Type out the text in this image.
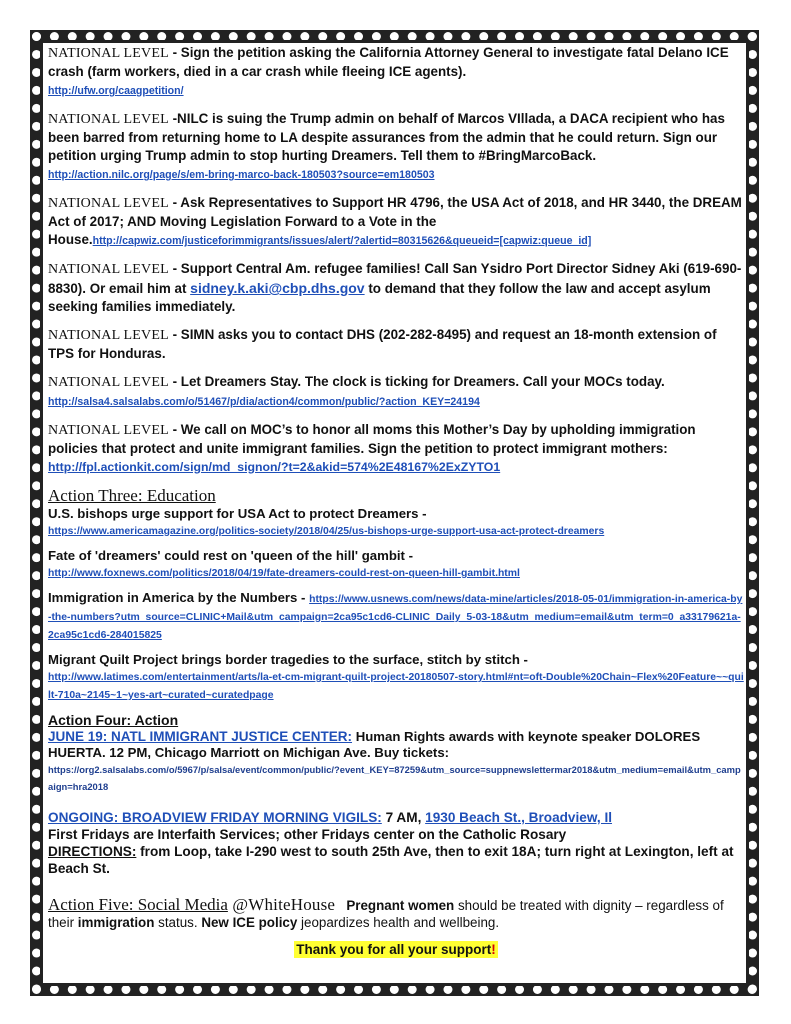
NATIONAL LEVEL - Sign the petition asking the California Attorney General to investigate fatal Delano ICE crash (farm workers, died in a car crash while fleeing ICE agents).
http://ufw.org/caagpetition/

NATIONAL LEVEL -NILC is suing the Trump admin on behalf of Marcos VIllada, a DACA recipient who has been barred from returning home to LA despite assurances from the admin that he could return. Sign our petition urging Trump admin to stop hurting Dreamers. Tell them to #BringMarcoBack.  http://action.nilc.org/page/s/em-bring-marco-back-180503?source=em180503

NATIONAL LEVEL - Ask Representatives to Support HR 4796, the USA Act of 2018, and HR 3440, the DREAM Act of 2017; AND Moving Legislation Forward to a Vote in the House.http://capwiz.com/justiceforimmigrants/issues/alert/?alertid=80315626&queueid=[capwiz:queue_id]

NATIONAL LEVEL - Support Central Am. refugee families! Call San Ysidro Port Director Sidney Aki (619-690-8830). Or email him at sidney.k.aki@cbp.dhs.gov to demand that they follow the law and accept asylum seeking families immediately.

NATIONAL LEVEL - SIMN asks you to contact DHS (202-282-8495) and request an 18-month extension of TPS for Honduras.

NATIONAL LEVEL - Let Dreamers Stay. The clock is ticking for Dreamers. Call your MOCs today. http://salsa4.salsalabs.com/o/51467/p/dia/action4/common/public/?action_KEY=24194

NATIONAL LEVEL - We call on MOC’s to honor all moms this Mother’s Day by upholding immigration policies that protect and unite immigrant families. Sign the petition to protect immigrant mothers: http://fpl.actionkit.com/sign/md_signon/?t=2&akid=574%2E48167%2ExZYTO1

Action Three: Education

U.S. bishops urge support for USA Act to protect Dreamers -
https://www.americamagazine.org/politics-society/2018/04/25/us-bishops-urge-support-usa-act-protect-dreamers

Fate of 'dreamers' could rest on 'queen of the hill' gambit -
http://www.foxnews.com/politics/2018/04/19/fate-dreamers-could-rest-on-queen-hill-gambit.html

Immigration in America by the Numbers - https://www.usnews.com/news/data-mine/articles/2018-05-01/immigration-in-america-by-the-numbers?utm_source=CLINIC+Mail&utm_campaign=2ca95c1cd6-CLINIC_Daily_5-03-18&utm_medium=email&utm_term=0_a33179621a-2ca95c1cd6-284015825

Migrant Quilt Project brings border tragedies to the surface, stitch by stitch -
http://www.latimes.com/entertainment/arts/la-et-cm-migrant-quilt-project-20180507-story.html#nt=oft-Double%20Chain~Flex%20Feature~~quilt-710a~2145~1~yes-art~curated~curatedpage

Action Four: Action

JUNE 19: NATL IMMIGRANT JUSTICE CENTER: Human Rights awards with keynote speaker DOLORES HUERTA. 12 PM, Chicago Marriott on Michigan Ave. Buy tickets:
https://org2.salsalabs.com/o/5967/p/salsa/event/common/public/?event_KEY=87259&utm_source=suppnewslettermar2018&utm_medium=email&utm_campaign=hra2018

ONGOING: BROADVIEW FRIDAY MORNING VIGILS: 7 AM, 1930 Beach St., Broadview, Il
First Fridays are Interfaith Services; other Fridays center on the Catholic Rosary
DIRECTIONS: from Loop, take I-290 west to south 25th Ave, then to exit 18A; turn right at Lexington, left at Beach St.

Action Five: Social Media @WhiteHouse Pregnant women should be treated with dignity – regardless of their immigration status. New ICE policy jeopardizes health and wellbeing.

Thank you for all your support!
